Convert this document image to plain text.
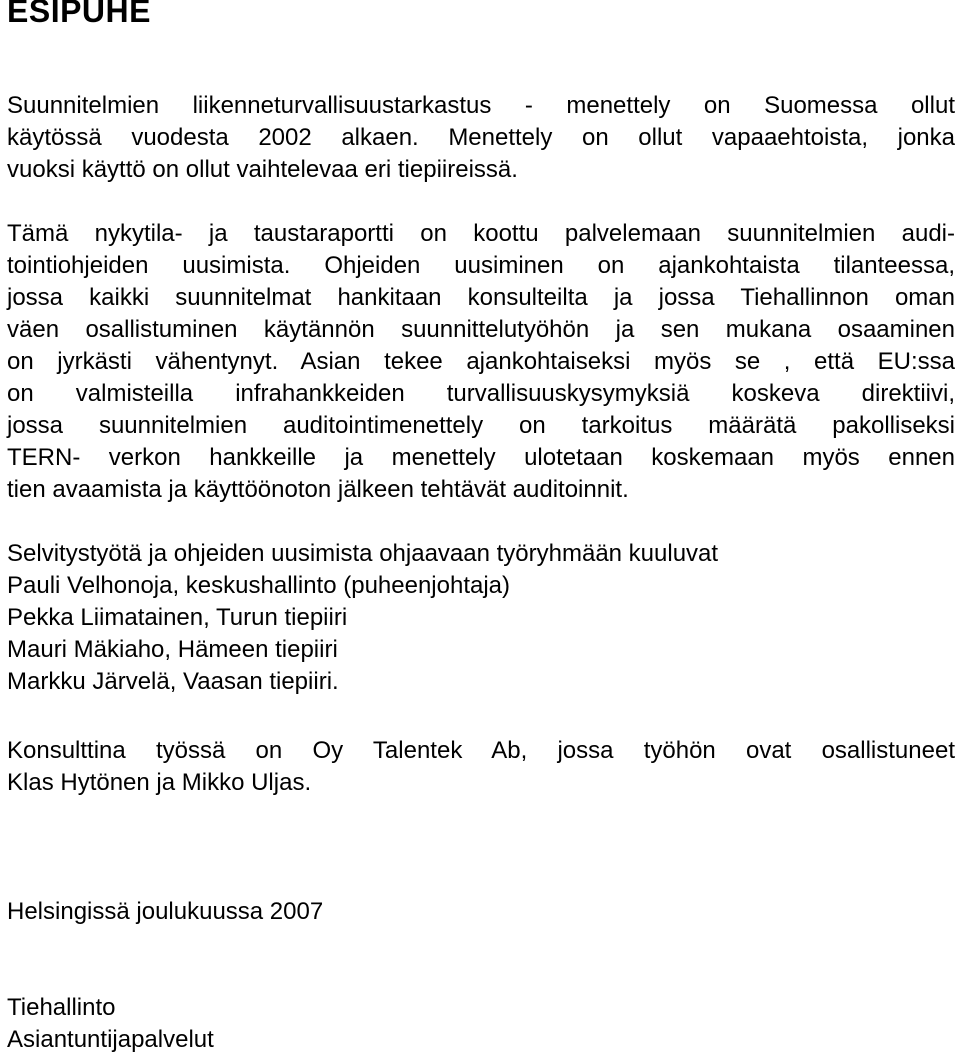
ESIPUHE

Suunnitelmien liikenneturvallisuustarkastus - menettely on Suomessa ollut
käytössä vuodesta 2002 alkaen. Menettely on ollut vapaaehtoista, jonka
vuoksi käyttö on ollut vaihtelevaa eri tiepiireissä.

Tämä nykytila- ja taustaraportti on koottu palvelemaan suunnitelmien audi-
tointiohjeiden uusimista. Ohjeiden uusiminen on ajankohtaista tilanteessa,
jossa kaikki suunnitelmat hankitaan konsulteilta ja jossa Tiehallinnon oman
väen osallistuminen käytännön suunnittelutyöhön ja sen mukana osaaminen
on jyrkästi vähentynyt. Asian tekee ajankohtaiseksi myös se , että EU:ssa
on valmisteilla infrahankkeiden turvallisuuskysymyksiä koskeva direktiivi,
jossa suunnitelmien auditointimenettely on tarkoitus määrätä pakolliseksi
TERN- verkon hankkeille ja menettely ulotetaan koskemaan myös ennen
tien avaamista ja käyttöönoton jälkeen tehtävät auditoinnit.

Selvitystyötä ja ohjeiden uusimista ohjaavaan työryhmään kuuluvat
Pauli Velhonoja, keskushallinto (puheenjohtaja)
Pekka Liimatainen, Turun tiepiiri
Mauri Mäkiaho, Hämeen tiepiiri
Markku Järvelä, Vaasan tiepiiri.

Konsulttina työssä on Oy Talentek Ab, jossa työhön ovat osallistuneet
Klas Hytönen ja Mikko Uljas.

Helsingissä joulukuussa 2007

Tiehallinto
Asiantuntijapalvelut
